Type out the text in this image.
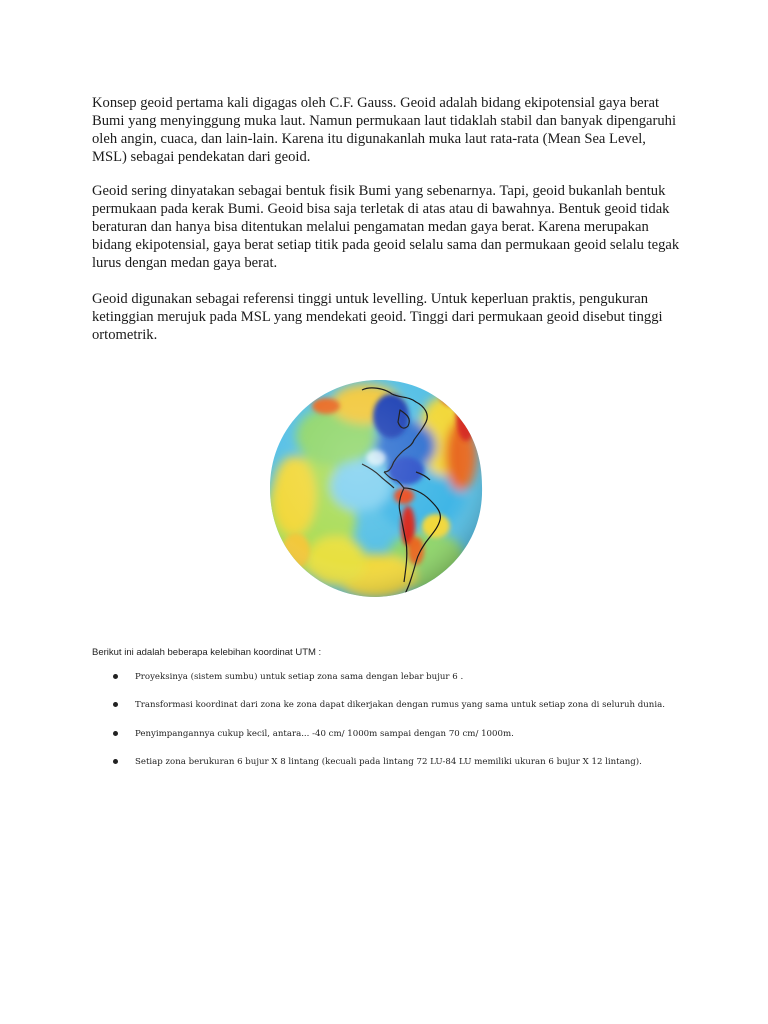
Konsep geoid pertama kali digagas oleh C.F. Gauss. Geoid adalah bidang ekipotensial gaya berat Bumi yang menyinggung muka laut. Namun permukaan laut tidaklah stabil dan banyak dipengaruhi oleh angin, cuaca, dan lain-lain. Karena itu digunakanlah muka laut rata-rata (Mean Sea Level, MSL) sebagai pendekatan dari geoid.

Geoid sering dinyatakan sebagai bentuk fisik Bumi yang sebenarnya. Tapi, geoid bukanlah bentuk permukaan pada kerak Bumi. Geoid bisa saja terletak di atas atau di bawahnya. Bentuk geoid tidak beraturan dan hanya bisa ditentukan melalui pengamatan medan gaya berat. Karena merupakan bidang ekipotensial, gaya berat setiap titik pada geoid selalu sama dan permukaan geoid selalu tegak lurus dengan medan gaya berat.

Geoid digunakan sebagai referensi tinggi untuk levelling. Untuk keperluan praktis, pengukuran ketinggian merujuk pada MSL yang mendekati geoid. Tinggi dari permukaan geoid disebut tinggi ortometrik.

Berikut ini adalah beberapa kelebihan koordinat UTM :

Proyeksinya (sistem sumbu) untuk setiap zona sama dengan lebar bujur 6 .
Transformasi koordinat dari zona ke zona dapat dikerjakan dengan rumus yang sama untuk setiap zona di seluruh dunia.
Penyimpangannya cukup kecil, antara... -40 cm/ 1000m sampai dengan 70 cm/ 1000m.
Setiap zona berukuran 6 bujur X 8 lintang (kecuali pada lintang 72 LU-84 LU memiliki ukuran 6 bujur X 12 lintang).
